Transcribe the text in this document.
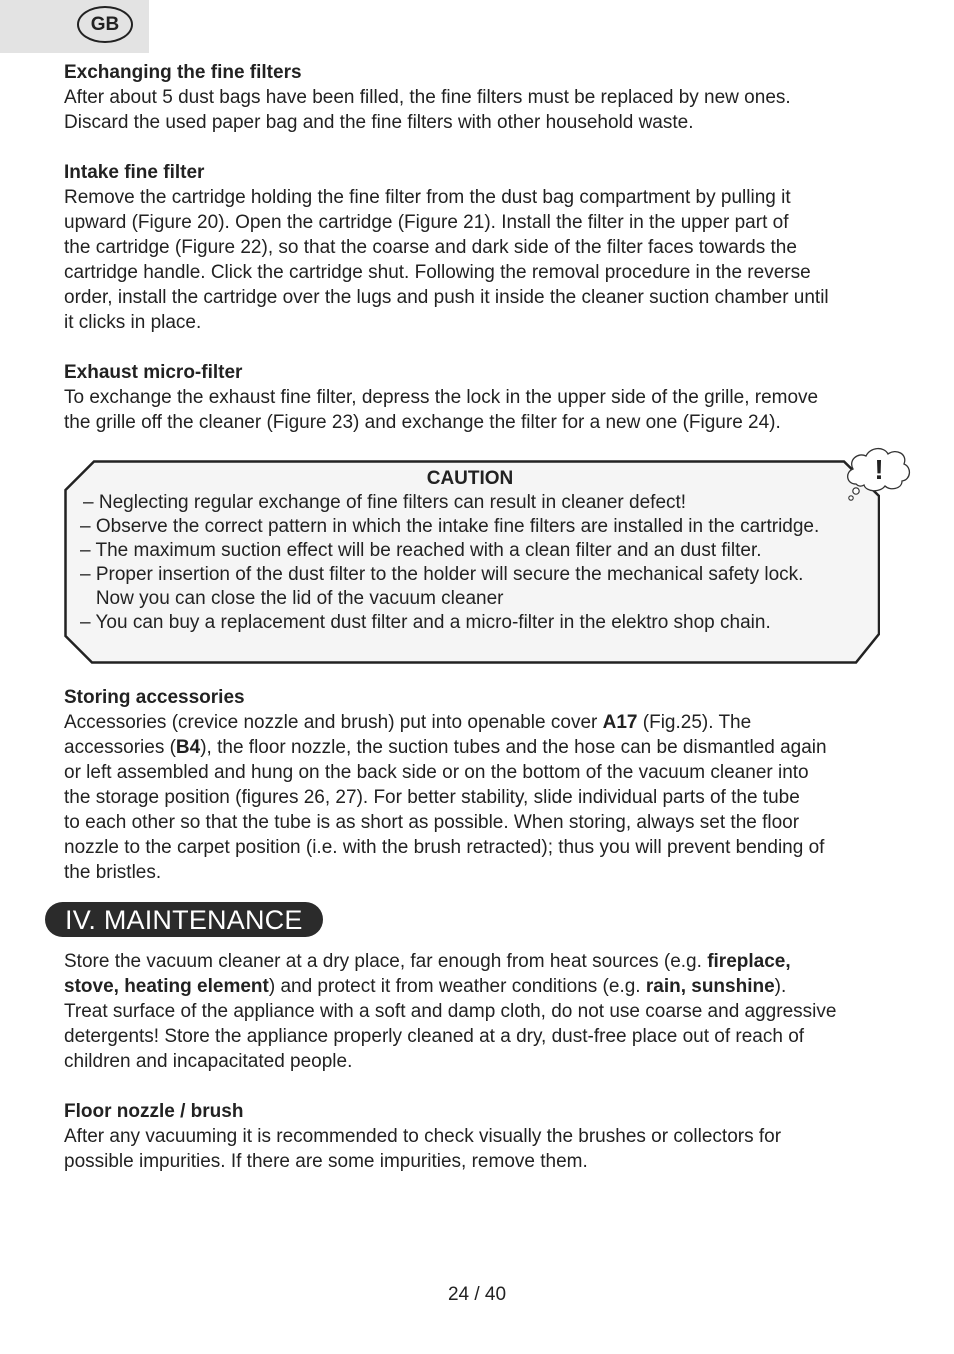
GB

Exchanging the fine filters

After about 5 dust bags have been filled, the fine filters must be replaced by new ones.

Discard the used paper bag and the fine filters with other household waste.

Intake fine filter

Remove the cartridge holding the fine filter from the dust bag compartment by pulling it

upward (Figure 20). Open the cartridge (Figure 21). Install the filter in the upper part of

the cartridge (Figure 22), so that the coarse and dark side of the filter faces towards the

cartridge handle. Click the cartridge shut. Following the removal procedure in the reverse

order, install the cartridge over the lugs and push it inside the cleaner suction chamber until

it clicks in place.

Exhaust micro-filter

To exchange the exhaust fine filter, depress the lock in the upper side of the grille, remove

the grille off the cleaner (Figure 23) and exchange the filter for a new one (Figure 24).

CAUTION
– Neglecting regular exchange of fine filters can result in cleaner defect!
– Observe the correct pattern in which the intake fine filters are installed in the cartridge.
– The maximum suction effect will be reached with a clean filter and an dust filter.
– Proper insertion of the dust filter to the holder will secure the mechanical safety lock.
Now you can close the lid of the vacuum cleaner
– You can buy a replacement dust filter and a micro-filter in the elektro shop chain.
!

Storing accessories

Accessories (crevice nozzle and brush) put into openable cover A17 (Fig.25). The

accessories (B4), the floor nozzle, the suction tubes and the hose can be dismantled again

or left assembled and hung on the back side or on the bottom of the vacuum cleaner into

the storage position (figures 26, 27). For better stability, slide individual parts of the tube

to each other so that the tube is as short as possible. When storing, always set the floor

nozzle to the carpet position (i.e. with the brush retracted); thus you will prevent bending of

the bristles.

IV. MAINTENANCE

Store the vacuum cleaner at a dry place, far enough from heat sources (e.g. fireplace,

stove, heating element) and protect it from weather conditions (e.g. rain, sunshine).

Treat surface of the appliance with a soft and damp cloth, do not use coarse and aggressive

detergents! Store the appliance properly cleaned at a dry, dust-free place out of reach of

children and incapacitated people.

Floor nozzle / brush

After any vacuuming it is recommended to check visually the brushes or collectors for

possible impurities. If there are some impurities, remove them.

24 / 40
